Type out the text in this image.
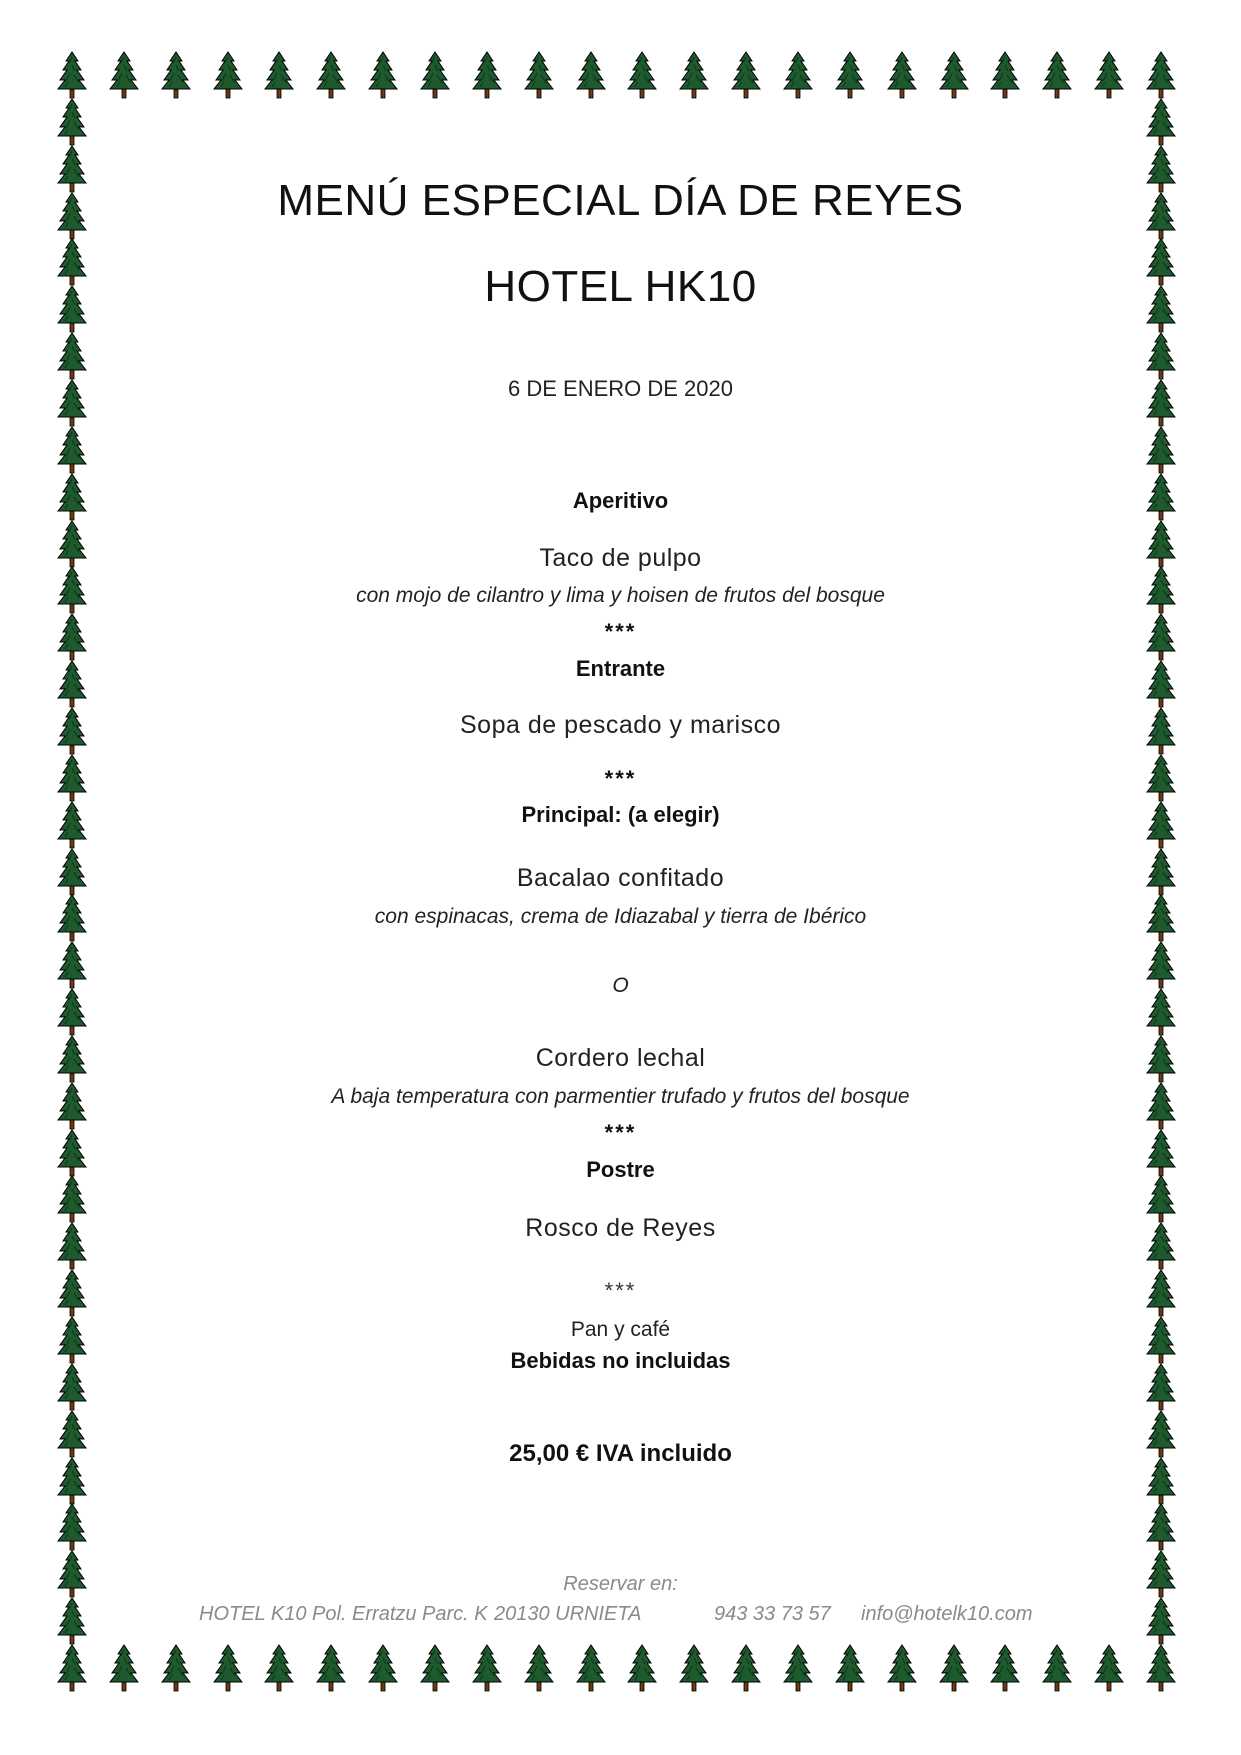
MENÚ ESPECIAL DÍA DE REYES
HOTEL HK10
6 DE ENERO DE 2020
Aperitivo
Taco de pulpo
con mojo de cilantro y lima y hoisen de frutos del bosque
***
Entrante
Sopa de pescado y marisco
***
Principal: (a elegir)
Bacalao confitado
con espinacas, crema de Idiazabal y tierra de Ibérico
O
Cordero lechal
A baja temperatura con parmentier trufado y frutos del bosque
***
Postre
Rosco de Reyes
***
Pan y café
Bebidas no incluidas
25,00 € IVA incluido
Reservar en:
HOTEL K10 Pol. Erratzu Parc. K 20130 URNIETA	943 33 73 57 info@hotelk10.com
